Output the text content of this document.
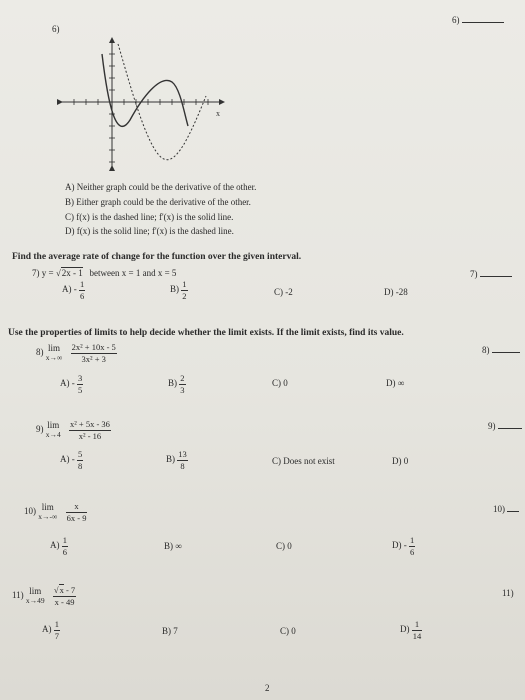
6)
6)
x
A) Neither graph could be the derivative of the other.
B) Either graph could be the derivative of the other.
C) f(x) is the dashed line; f'(x) is the solid line.
D) f(x) is the solid line; f'(x) is the dashed line.
Find the average rate of change for the function over the given interval.
7) y = √2x - 1 between x = 1 and x = 5
$A) - \frac{1}{6}$	$B) \frac{1}{2}$	C) -2	D) -28
7)
Use the properties of limits to help decide whether the limit exists. If the limit exists, find its value.
8) lim
x→∞
$\frac{\text{2x² + 10x - 5}}{\text{3x² + 3}}$
$A) - \frac{3}{5}$	$B) \frac{2}{3}$	C) 0	D) ∞
8)
9) lim
x→4
$\frac{\text{x² + 5x - 36}}{\text{x² - 16}}$
$A) - \frac{5}{8}$	$B) \frac{13}{8}$	C) Does not exist	D) 0
9)
10) lim
x→-∞
$\frac{x}{6x - 9}$
$A) \frac{1}{6}$	B) ∞	C) 0	$D) - \frac{1}{6}$
10)
11) lim
x→49
$\frac{√x - 7}{x - 49}$
$A) \frac{1}{7}$	B) 7	C) 0	$D) \frac{1}{14}$
11)
2
